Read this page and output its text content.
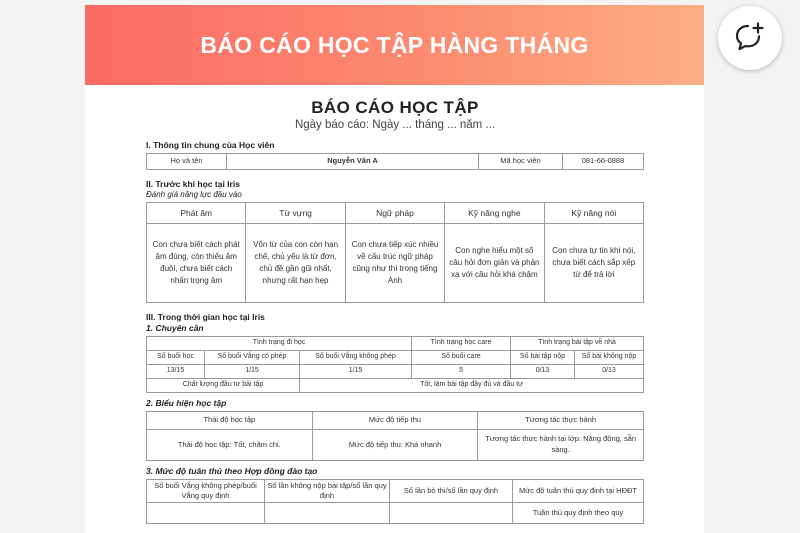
BÁO CÁO HỌC TẬP HÀNG THÁNG
BÁO CÁO HỌC TẬP
Ngày báo cáo: Ngày ... tháng ... năm ...
I. Thông tin chung của Học viên
Họ và tên	Nguyễn Văn A	Mã học viên	081-66-0888
II. Trước khi học tại Iris
Đánh giá năng lực đầu vào
Phát âm	Từ vựng	Ngữ pháp	Kỹ năng nghe	Kỹ năng nói
Con chưa biết cách phát âm đúng, còn thiếu âm đuôi, chưa biết cách nhấn trọng âm	Vốn từ của con còn hạn chế, chủ yếu là từ đơn, chủ đề gần gũi nhất, nhưng rất hạn hẹp	Con chưa tiếp xúc nhiều về cấu trúc ngữ pháp cũng như thì trong tiếng Anh	Con nghe hiểu một số câu hỏi đơn giản và phản xạ với câu hỏi khá chậm	Con chưa tự tin khi nói, chưa biết cách sắp xếp từ để trả lời
III. Trong thời gian học tại Iris
1. Chuyên cần
Tình trạng đi học			Tình trạng học care	Tình trạng bài tập về nhà	
Số buổi học	Số buổi Vắng có phép	Số buổi Vắng không phép	Số buổi care	Số bài tập nộp	Số bài không nộp
13/15	1/15	1/15	5	0/13	0/13
Chất lượng đầu tư bài tập		Tốt, làm bài tập đầy đủ và đầu tư			
2. Biểu hiện học tập
Thái độ học tập	Mức độ tiếp thu	Tương tác thực hành
Thái độ học tập: Tốt, chăm chỉ.	Mức độ tiếp thu: Khá nhanh	Tương tác thực hành tại lớp: Năng động, sẵn sàng.
3. Mức độ tuân thủ theo Hợp đồng đào tạo
Số buổi Vắng không phép/buổi Vắng quy định	Số lần không nộp bài tập/số lần quy định	Số lần bỏ thi/số lần quy định	Mức độ tuân thủ quy định tại HĐĐT
			Tuân thủ quy định theo quy
